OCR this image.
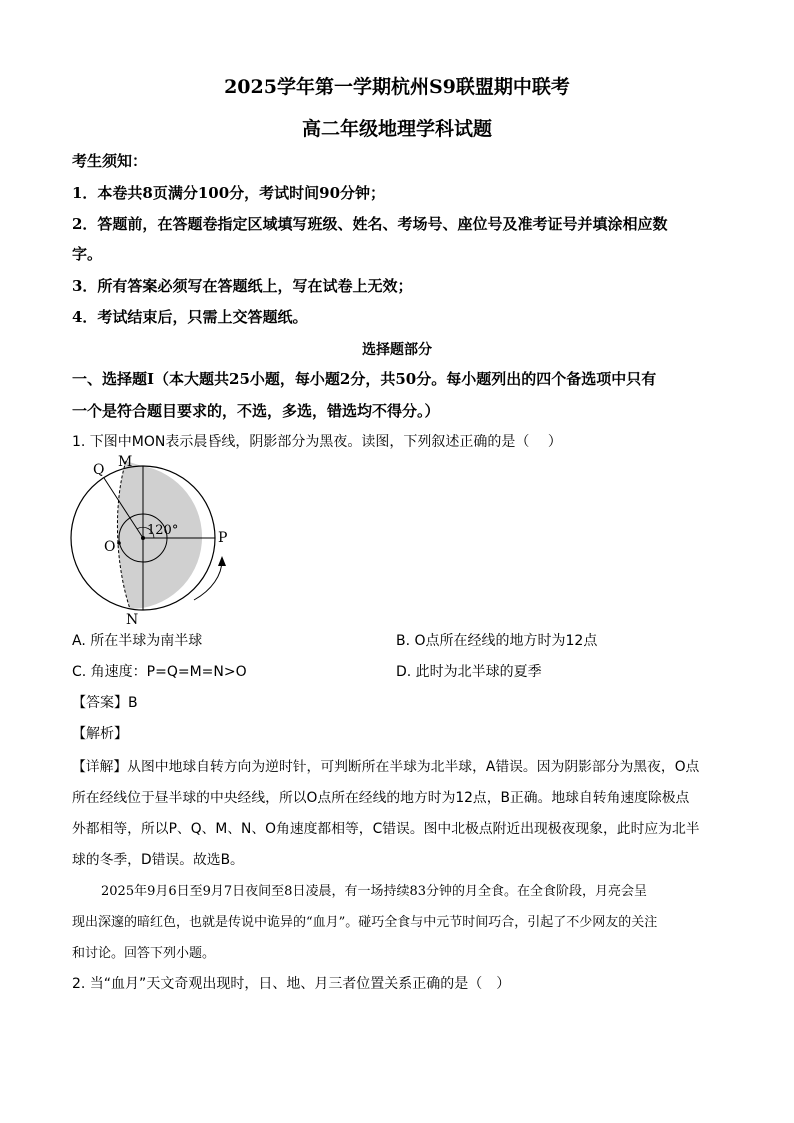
2025学年第一学期杭州S9联盟期中联考
高二年级地理学科试题
考生须知：
1．本卷共8页满分100分，考试时间90分钟；
2．答题前，在答题卷指定区域填写班级、姓名、考场号、座位号及准考证号并填涂相应数
字。
3．所有答案必须写在答题纸上，写在试卷上无效；
4．考试结束后，只需上交答题纸。
选择题部分
一、选择题Ⅰ（本大题共25小题，每小题2分，共50分。每小题列出的四个备选项中只有
一个是符合题目要求的，不选，多选，错选均不得分。）
1. 下图中MON表示晨昏线，阴影部分为黑夜。读图，下列叙述正确的是（　 ）
Q M
O
P
N
120°
A. 所在半球为南半球	B. O点所在经线的地方时为12点
C. 角速度：P=Q=M=N>O	D. 此时为北半球的夏季
【答案】B
【解析】
【详解】从图中地球自转方向为逆时针，可判断所在半球为北半球，A错误。因为阴影部分为黑夜，O点
所在经线位于昼半球的中央经线，所以O点所在经线的地方时为12点，B正确。地球自转角速度除极点
外都相等，所以P、Q、M、N、O角速度都相等，C错误。图中北极点附近出现极夜现象，此时应为北半
球的冬季，D错误。故选B。
2025年9月6日至9月7日夜间至8日凌晨，有一场持续83分钟的月全食。在全食阶段，月亮会呈
现出深邃的暗红色，也就是传说中诡异的“血月”。碰巧全食与中元节时间巧合，引起了不少网友的关注
和讨论。回答下列小题。
2. 当“血月”天文奇观出现时，日、地、月三者位置关系正确的是（　）
